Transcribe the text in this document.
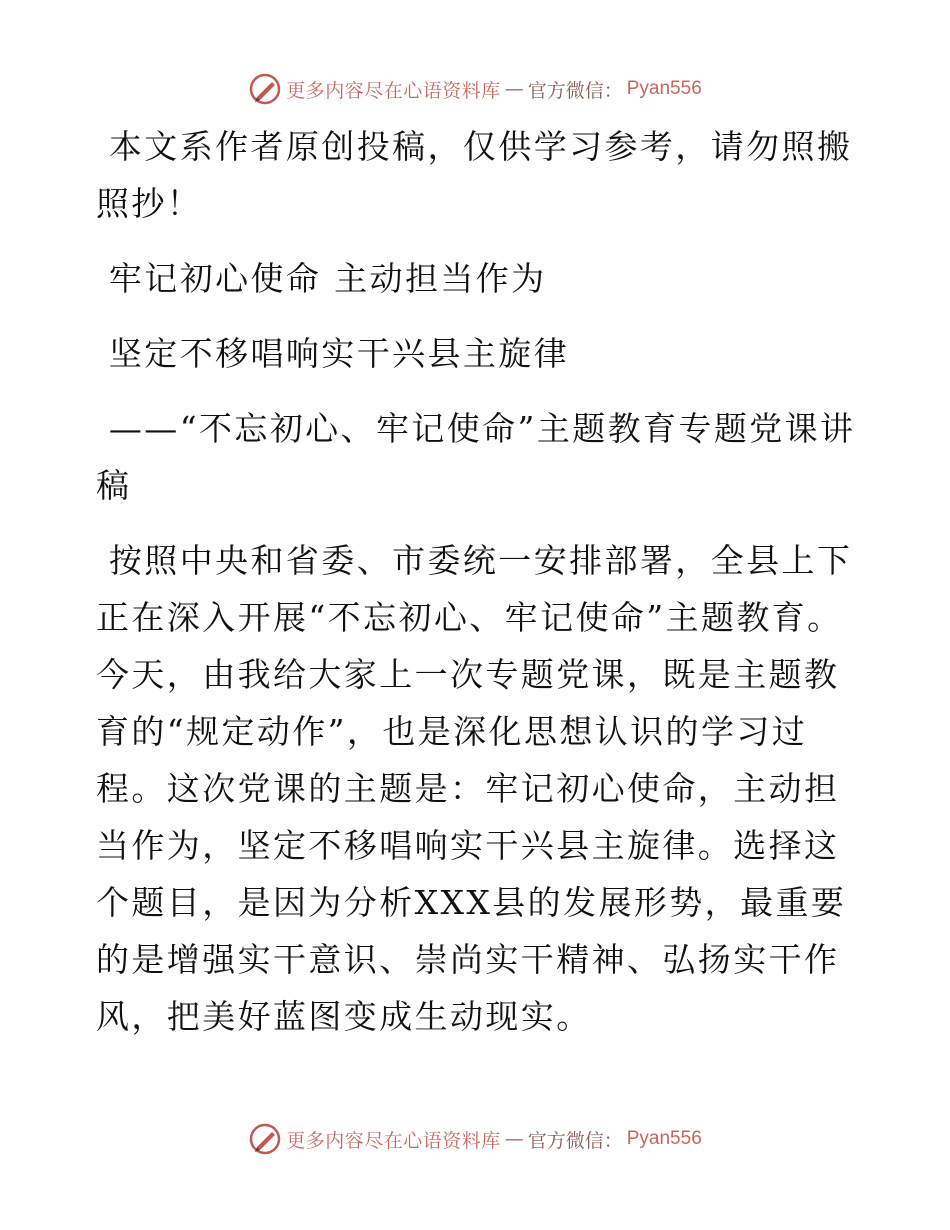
更多内容尽在心语资料库 — 官方微信： Pyan556

本文系作者原创投稿，仅供学习参考，请勿照搬照抄！

牢记初心使命 主动担当作为

坚定不移唱响实干兴县主旋律

——“不忘初心、牢记使命”主题教育专题党课讲稿

按照中央和省委、市委统一安排部署，全县上下正在深入开展“不忘初心、牢记使命”主题教育。今天，由我给大家上一次专题党课，既是主题教育的“规定动作”，也是深化思想认识的学习过程。这次党课的主题是：牢记初心使命，主动担当作为，坚定不移唱响实干兴县主旋律。选择这个题目，是因为分析XXX县的发展形势，最重要的是增强实干意识、崇尚实干精神、弘扬实干作风，把美好蓝图变成生动现实。

更多内容尽在心语资料库 — 官方微信： Pyan556
